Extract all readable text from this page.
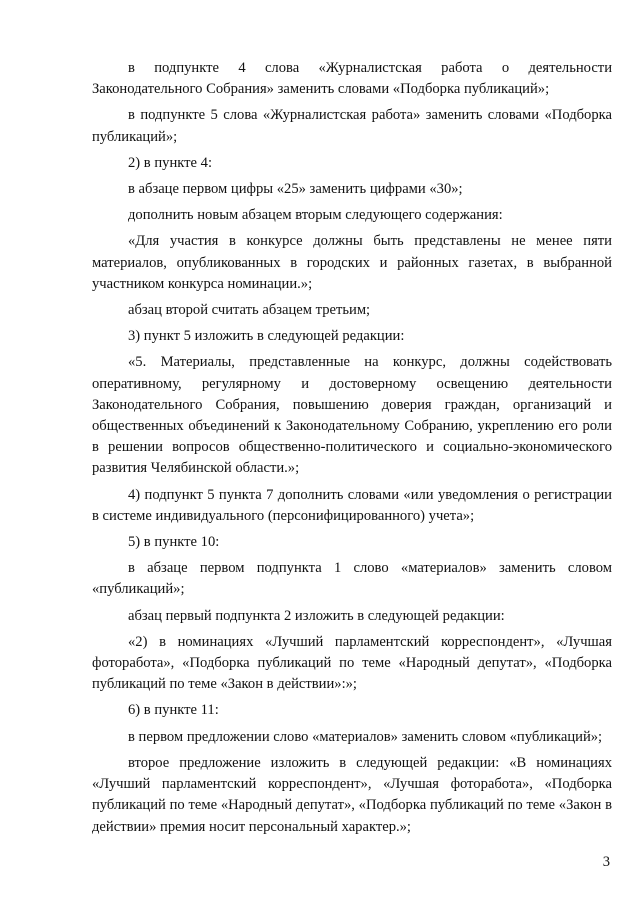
в подпункте 4 слова «Журналистская работа о деятельности Законодательного Собрания» заменить словами «Подборка публикаций»;

в подпункте 5 слова «Журналистская работа» заменить словами «Подборка публикаций»;

2) в пункте 4:

в абзаце первом цифры «25» заменить цифрами «30»;

дополнить новым абзацем вторым следующего содержания:

«Для участия в конкурсе должны быть представлены не менее пяти материалов, опубликованных в городских и районных газетах, в выбранной участником конкурса номинации.»;

абзац второй считать абзацем третьим;

3) пункт 5 изложить в следующей редакции:

«5. Материалы, представленные на конкурс, должны содействовать оперативному, регулярному и достоверному освещению деятельности Законодательного Собрания, повышению доверия граждан, организаций и общественных объединений к Законодательному Собранию, укреплению его роли в решении вопросов общественно-политического и социально-экономического развития Челябинской области.»;

4) подпункт 5 пункта 7 дополнить словами «или уведомления о регистрации в системе индивидуального (персонифицированного) учета»;

5) в пункте 10:

в абзаце первом подпункта 1 слово «материалов» заменить словом «публикаций»;

абзац первый подпункта 2 изложить в следующей редакции:

«2) в номинациях «Лучший парламентский корреспондент», «Лучшая фоторабота», «Подборка публикаций по теме «Народный депутат», «Подборка публикаций по теме «Закон в действии»:»;

6) в пункте 11:

в первом предложении слово «материалов» заменить словом «публикаций»;

второе предложение изложить в следующей редакции: «В номинациях «Лучший парламентский корреспондент», «Лучшая фоторабота», «Подборка публикаций по теме «Народный депутат», «Подборка публикаций по теме «Закон в действии» премия носит персональный характер.»;

3
